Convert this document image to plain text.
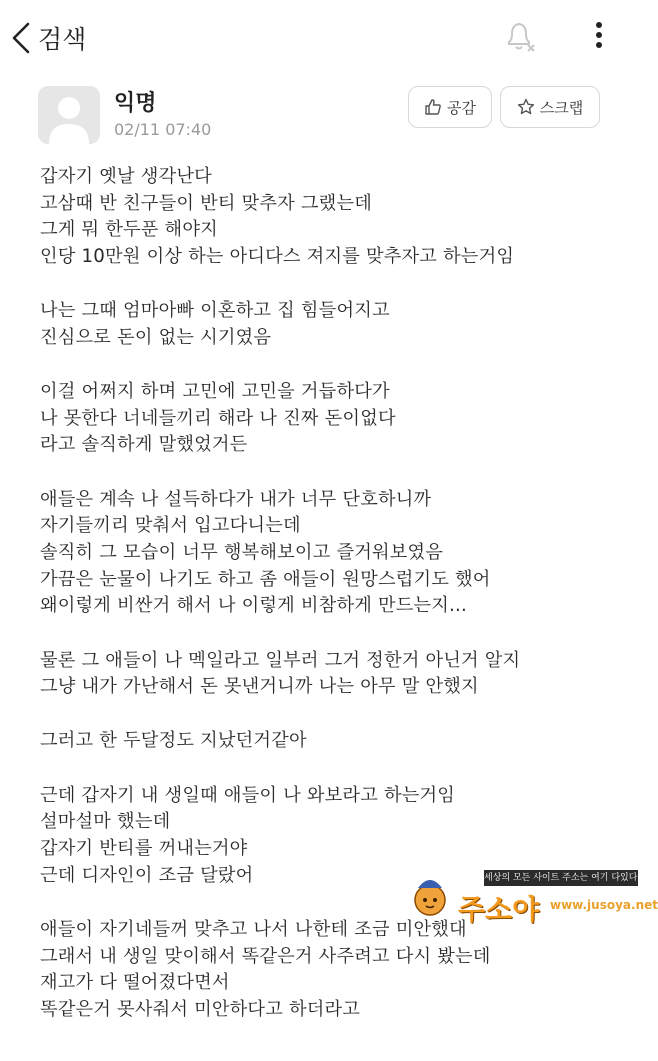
검색
익명
02/11 07:40
공감	스크랩
갑자기 옛날 생각난다
고삼때 반 친구들이 반티 맞추자 그랬는데
그게 뭐 한두푼 해야지
인당 10만원 이상 하는 아디다스 져지를 맞추자고 하는거임
나는 그때 엄마아빠 이혼하고 집 힘들어지고
진심으로 돈이 없는 시기였음
이걸 어쩌지 하며 고민에 고민을 거듭하다가
나 못한다 너네들끼리 해라 나 진짜 돈이없다
라고 솔직하게 말했었거든
애들은 계속 나 설득하다가 내가 너무 단호하니까
자기들끼리 맞춰서 입고다니는데
솔직히 그 모습이 너무 행복해보이고 즐거워보였음
가끔은 눈물이 나기도 하고 좀 애들이 원망스럽기도 했어
왜이렇게 비싼거 해서 나 이렇게 비참하게 만드는지...
물론 그 애들이 나 멕일라고 일부러 그거 정한거 아닌거 알지
그냥 내가 가난해서 돈 못낸거니까 나는 아무 말 안했지
그러고 한 두달정도 지났던거같아
근데 갑자기 내 생일때 애들이 나 와보라고 하는거임
설마설마 했는데
갑자기 반티를 꺼내는거야
근데 디자인이 조금 달랐어
애들이 자기네들꺼 맞추고 나서 나한테 조금 미안했대
그래서 내 생일 맞이해서 똑같은거 사주려고 다시 봤는데
재고가 다 떨어졌다면서
똑같은거 못사줘서 미안하다고 하더라고
세상의 모든 사이트 주소는 여기 다있다.
주소야 www.jusoya.net
